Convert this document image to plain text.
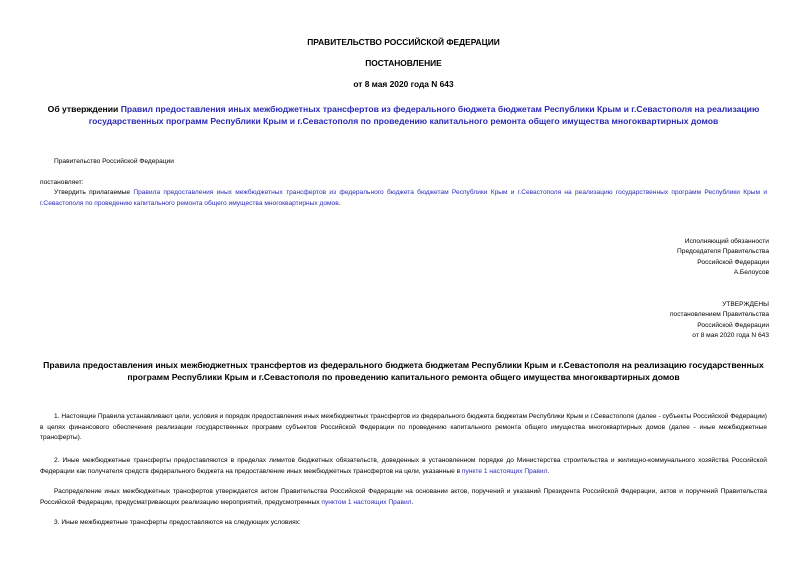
ПРАВИТЕЛЬСТВО РОССИЙСКОЙ ФЕДЕРАЦИИ
ПОСТАНОВЛЕНИЕ
от 8 мая 2020 года N 643
Об утверждении Правил предоставления иных межбюджетных трансфертов из федерального бюджета бюджетам Республики Крым и г.Севастополя на реализацию государственных программ Республики Крым и г.Севастополя по проведению капитального ремонта общего имущества многоквартирных домов
Правительство Российской Федерации
постановляет:
Утвердить прилагаемые Правила предоставления иных межбюджетных трансфертов из федерального бюджета бюджетам Республики Крым и г.Севастополя на реализацию государственных программ Республики Крым и г.Севастополя по проведению капитального ремонта общего имущества многоквартирных домов.
Исполняющий обязанности
Председателя Правительства
Российской Федерации
А.Белоусов
УТВЕРЖДЕНЫ
постановлением Правительства
Российской Федерации
от 8 мая 2020 года N 643
Правила предоставления иных межбюджетных трансфертов из федерального бюджета бюджетам Республики Крым и г.Севастополя на реализацию государственных программ Республики Крым и г.Севастополя по проведению капитального ремонта общего имущества многоквартирных домов
1. Настоящие Правила устанавливают цели, условия и порядок предоставления иных межбюджетных трансфертов из федерального бюджета бюджетам Республики Крым и г.Севастополя (далее - субъекты Российской Федерации) в целях финансового обеспечения реализации государственных программ субъектов Российской Федерации по проведению капитального ремонта общего имущества многоквартирных домов (далее - иные межбюджетные трансферты).
2. Иные межбюджетные трансферты предоставляются в пределах лимитов бюджетных обязательств, доведенных в установленном порядке до Министерства строительства и жилищно-коммунального хозяйства Российской Федерации как получателя средств федерального бюджета на предоставление иных межбюджетных трансфертов на цели, указанные в пункте 1 настоящих Правил.
Распределение иных межбюджетных трансфертов утверждается актом Правительства Российской Федерации на основании актов, поручений и указаний Президента Российской Федерации, актов и поручений Правительства Российской Федерации, предусматривающих реализацию мероприятий, предусмотренных пунктом 1 настоящих Правил.
3. Иные межбюджетные трансферты предоставляются на следующих условиях:
